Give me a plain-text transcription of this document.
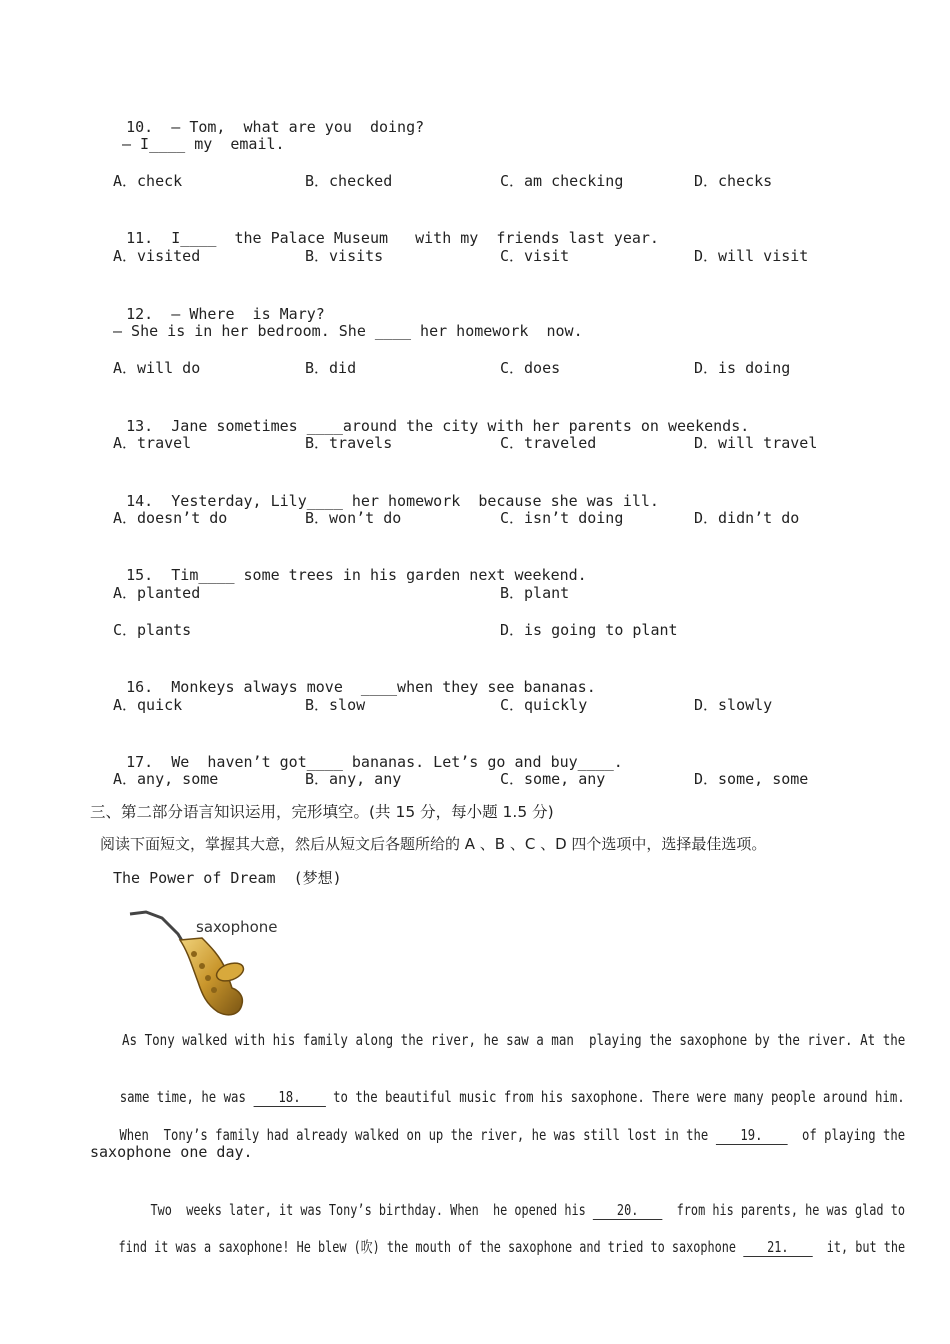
10. — Tom,  what are you  doing?

— I____ my  email.
A．check	B．checked	C．am checking	D．checks

11. I____  the Palace Museum   with my  friends last year.

A．visited	B．visits	C．visit	D．will visit

12. — Where  is Mary?

— She is in her bedroom. She ____ her homework  now.
A．will do	B．did	C．does	D．is doing

13. Jane sometimes ____around the city with her parents on weekends.

A．travel	B．travels	C．traveled	D．will travel

14. Yesterday, Lily____ her homework  because she was ill.

A．doesn’t do	B．won’t do	C．isn’t doing	D．didn’t do

15. Tim____ some trees in his garden next weekend.

A．planted	B．plant
C．plants	D．is going to plant

16. Monkeys always move  ____when they see bananas.

A．quick	B．slow	C．quickly	D．slowly

17. We  haven’t got____ bananas. Let’s go and buy____.

A．any, some	B．any, any	C．some, any	D．some, some
三、第二部分语言知识运用，完形填空。(共 15 分，每小题 1.5 分)
阅读下面短文，掌握其大意，然后从短文后各题所给的 A 、B 、C 、D 四个选项中，选择最佳选项。
The Power of Dream  (梦想)
saxophone
As Tony walked with his family along the river, he saw a man  playing the saxophone by the river. At the

same time, he was 18. to the beautiful music from his saxophone. There were many people around him.

When  Tony’s family had already walked on up the river, he was still lost in the 19.	of playing the

saxophone one day.

Two  weeks later, it was Tony’s birthday. When  he opened his 20.	from his parents, he was glad to

find it was a saxophone! He blew (吹) the mouth of the saxophone and tried to saxophone 21.	it, but the
